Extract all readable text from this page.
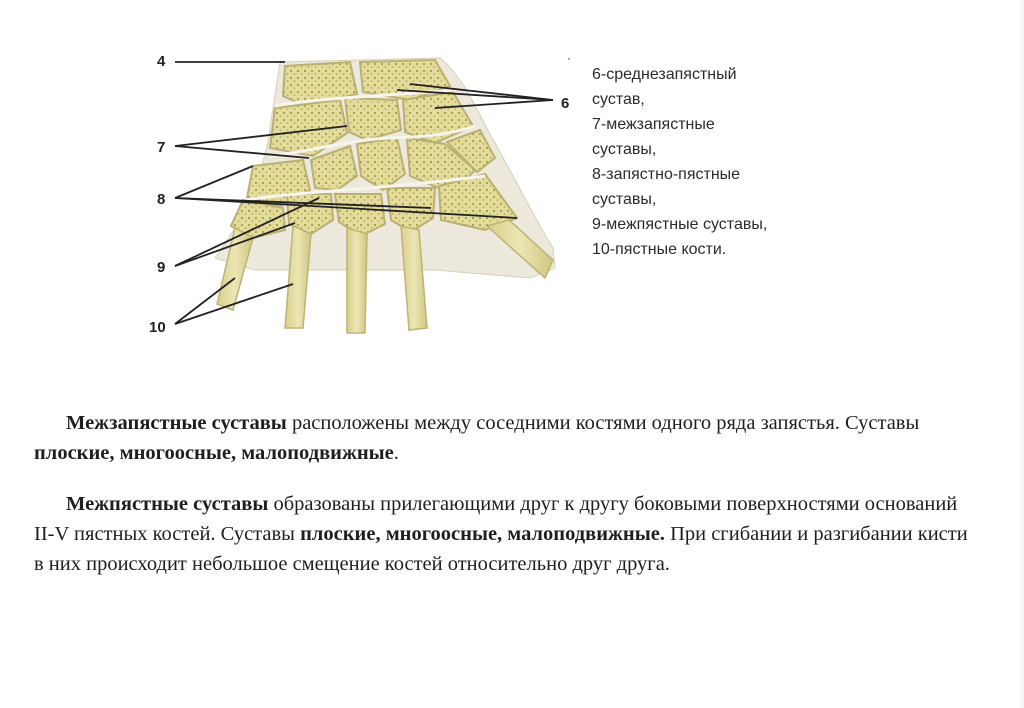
4
6
7
8
9
10
·
6-среднезапястный
сустав,
7-межзапястные
суставы,
8-запястно-пястные
суставы,
9-межпястные суставы,
10-пястные кости.
Межзапястные суставы расположены между соседними костями одного ряда запястья. Суставы плоские, многоосные, малоподвижные.
Межпястные суставы образованы прилегающими друг к другу боковыми поверхностями оснований II-V пястных костей. Суставы плоские, многоосные, малоподвижные. При сгибании и разгибании кисти в них происходит небольшое смещение костей относительно друг друга.
